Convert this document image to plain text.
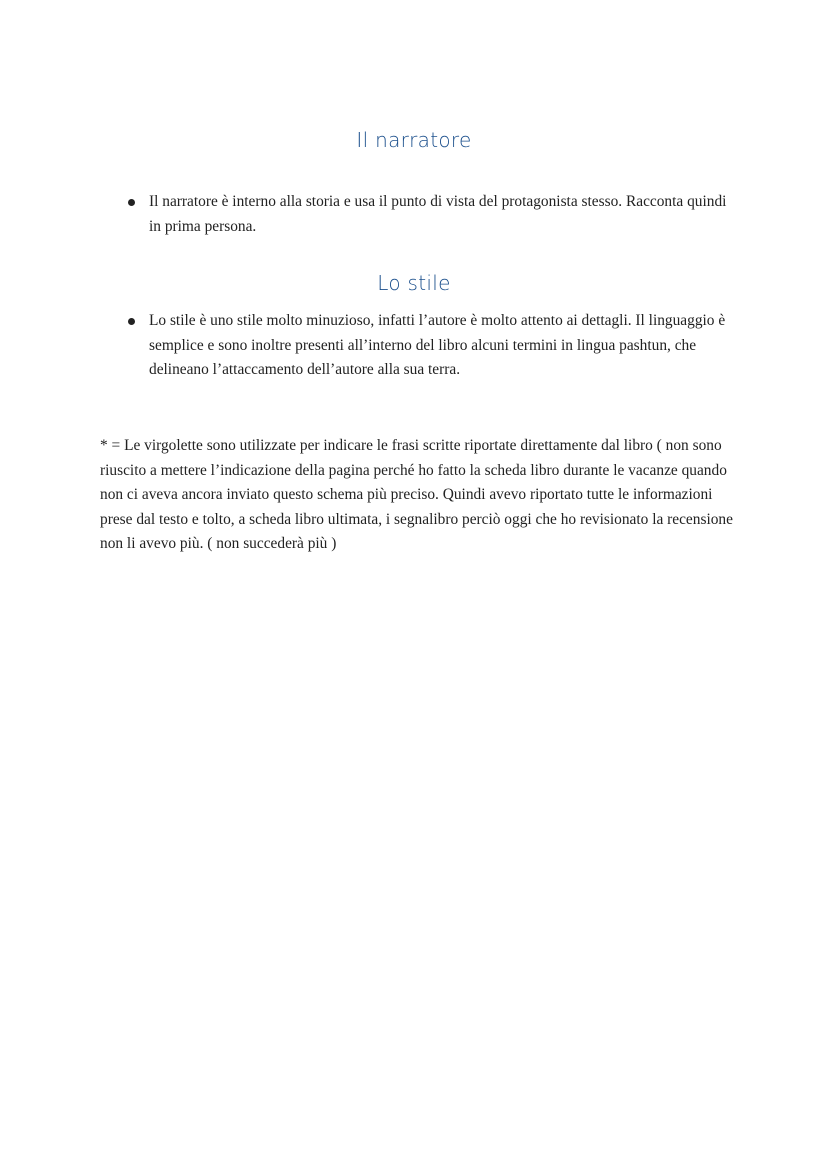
Il narratore
Il narratore è interno alla storia e usa il punto di vista del protagonista stesso. Racconta quindi in prima persona.
Lo stile
Lo stile è uno stile molto minuzioso, infatti l’autore è molto attento ai dettagli. Il linguaggio è semplice e sono inoltre presenti all’interno del libro alcuni termini in lingua pashtun, che delineano l’attaccamento dell’autore alla sua terra.
* = Le virgolette sono utilizzate per indicare le frasi scritte riportate direttamente dal libro ( non sono riuscito a mettere l’indicazione della pagina perché ho fatto la scheda libro durante le vacanze quando non ci aveva ancora inviato questo schema più preciso. Quindi avevo riportato tutte le informazioni prese dal testo e tolto, a scheda libro ultimata, i segnalibro perciò oggi che ho revisionato la recensione non li avevo più. ( non succederà più )
